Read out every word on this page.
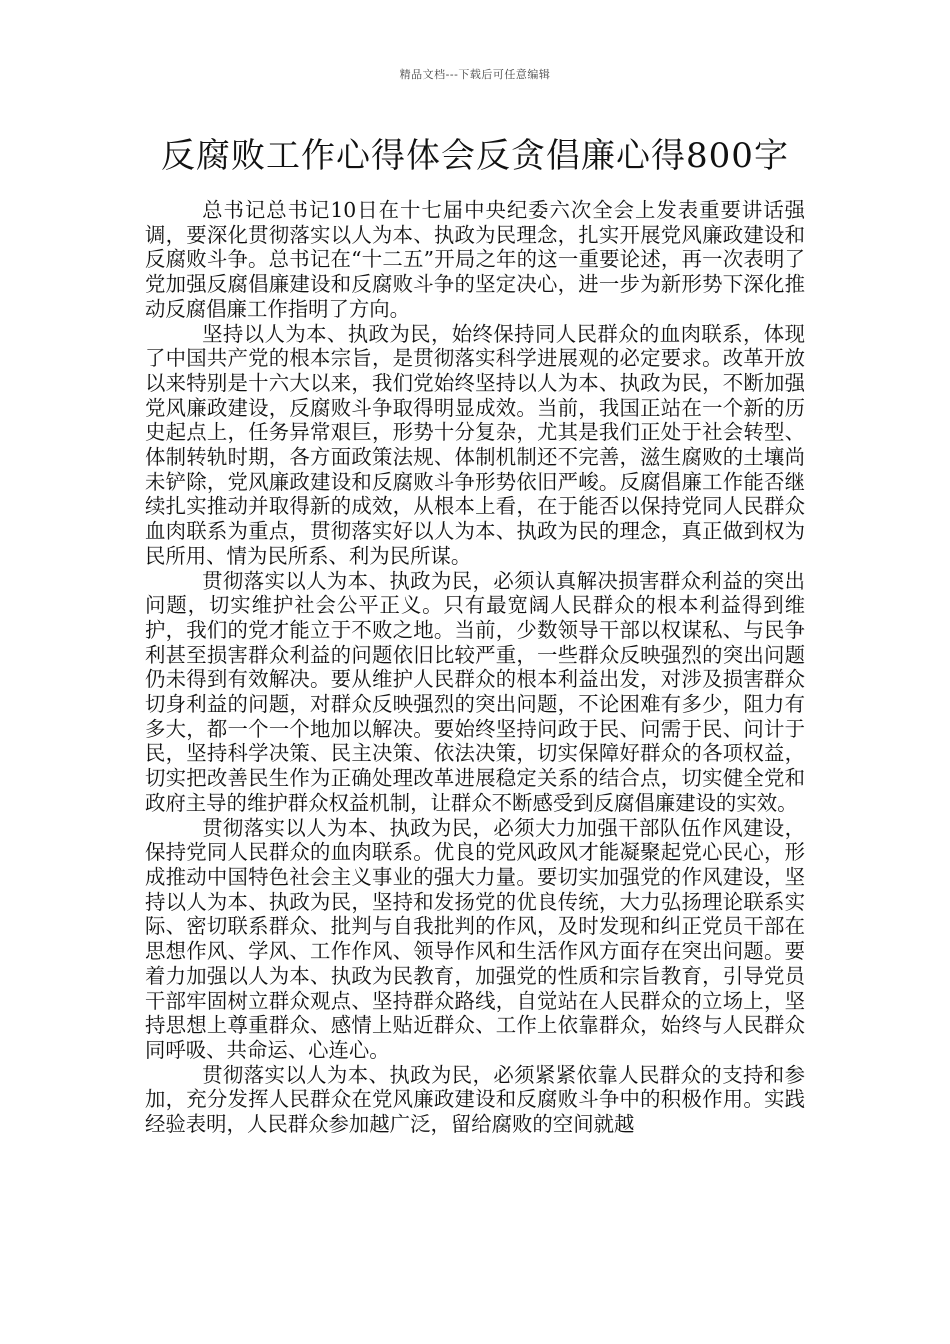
精品文档---下载后可任意编辑
反腐败工作心得体会反贪倡廉心得800字

总书记总书记10日在十七届中央纪委六次全会上发表重要讲话强调，要深化贯彻落实以人为本、执政为民理念，扎实开展党风廉政建设和反腐败斗争。总书记在“十二五”开局之年的这一重要论述，再一次表明了党加强反腐倡廉建设和反腐败斗争的坚定决心，进一步为新形势下深化推动反腐倡廉工作指明了方向。

坚持以人为本、执政为民，始终保持同人民群众的血肉联系，体现了中国共产党的根本宗旨，是贯彻落实科学进展观的必定要求。改革开放以来特别是十六大以来，我们党始终坚持以人为本、执政为民，不断加强党风廉政建设，反腐败斗争取得明显成效。当前，我国正站在一个新的历史起点上，任务异常艰巨，形势十分复杂，尤其是我们正处于社会转型、体制转轨时期，各方面政策法规、体制机制还不完善，滋生腐败的土壤尚未铲除，党风廉政建设和反腐败斗争形势依旧严峻。反腐倡廉工作能否继续扎实推动并取得新的成效，从根本上看，在于能否以保持党同人民群众血肉联系为重点，贯彻落实好以人为本、执政为民的理念，真正做到权为民所用、情为民所系、利为民所谋。

贯彻落实以人为本、执政为民，必须认真解决损害群众利益的突出问题，切实维护社会公平正义。只有最宽阔人民群众的根本利益得到维护，我们的党才能立于不败之地。当前，少数领导干部以权谋私、与民争利甚至损害群众利益的问题依旧比较严重，一些群众反映强烈的突出问题仍未得到有效解决。要从维护人民群众的根本利益出发，对涉及损害群众切身利益的问题，对群众反映强烈的突出问题，不论困难有多少，阻力有多大，都一个一个地加以解决。要始终坚持问政于民、问需于民、问计于民，坚持科学决策、民主决策、依法决策，切实保障好群众的各项权益，切实把改善民生作为正确处理改革进展稳定关系的结合点，切实健全党和政府主导的维护群众权益机制，让群众不断感受到反腐倡廉建设的实效。

贯彻落实以人为本、执政为民，必须大力加强干部队伍作风建设，保持党同人民群众的血肉联系。优良的党风政风才能凝聚起党心民心，形成推动中国特色社会主义事业的强大力量。要切实加强党的作风建设，坚持以人为本、执政为民，坚持和发扬党的优良传统，大力弘扬理论联系实际、密切联系群众、批判与自我批判的作风，及时发现和纠正党员干部在思想作风、学风、工作作风、领导作风和生活作风方面存在突出问题。要着力加强以人为本、执政为民教育，加强党的性质和宗旨教育，引导党员干部牢固树立群众观点、坚持群众路线，自觉站在人民群众的立场上，坚持思想上尊重群众、感情上贴近群众、工作上依靠群众，始终与人民群众同呼吸、共命运、心连心。

贯彻落实以人为本、执政为民，必须紧紧依靠人民群众的支持和参加，充分发挥人民群众在党风廉政建设和反腐败斗争中的积极作用。实践经验表明，人民群众参加越广泛，留给腐败的空间就越
